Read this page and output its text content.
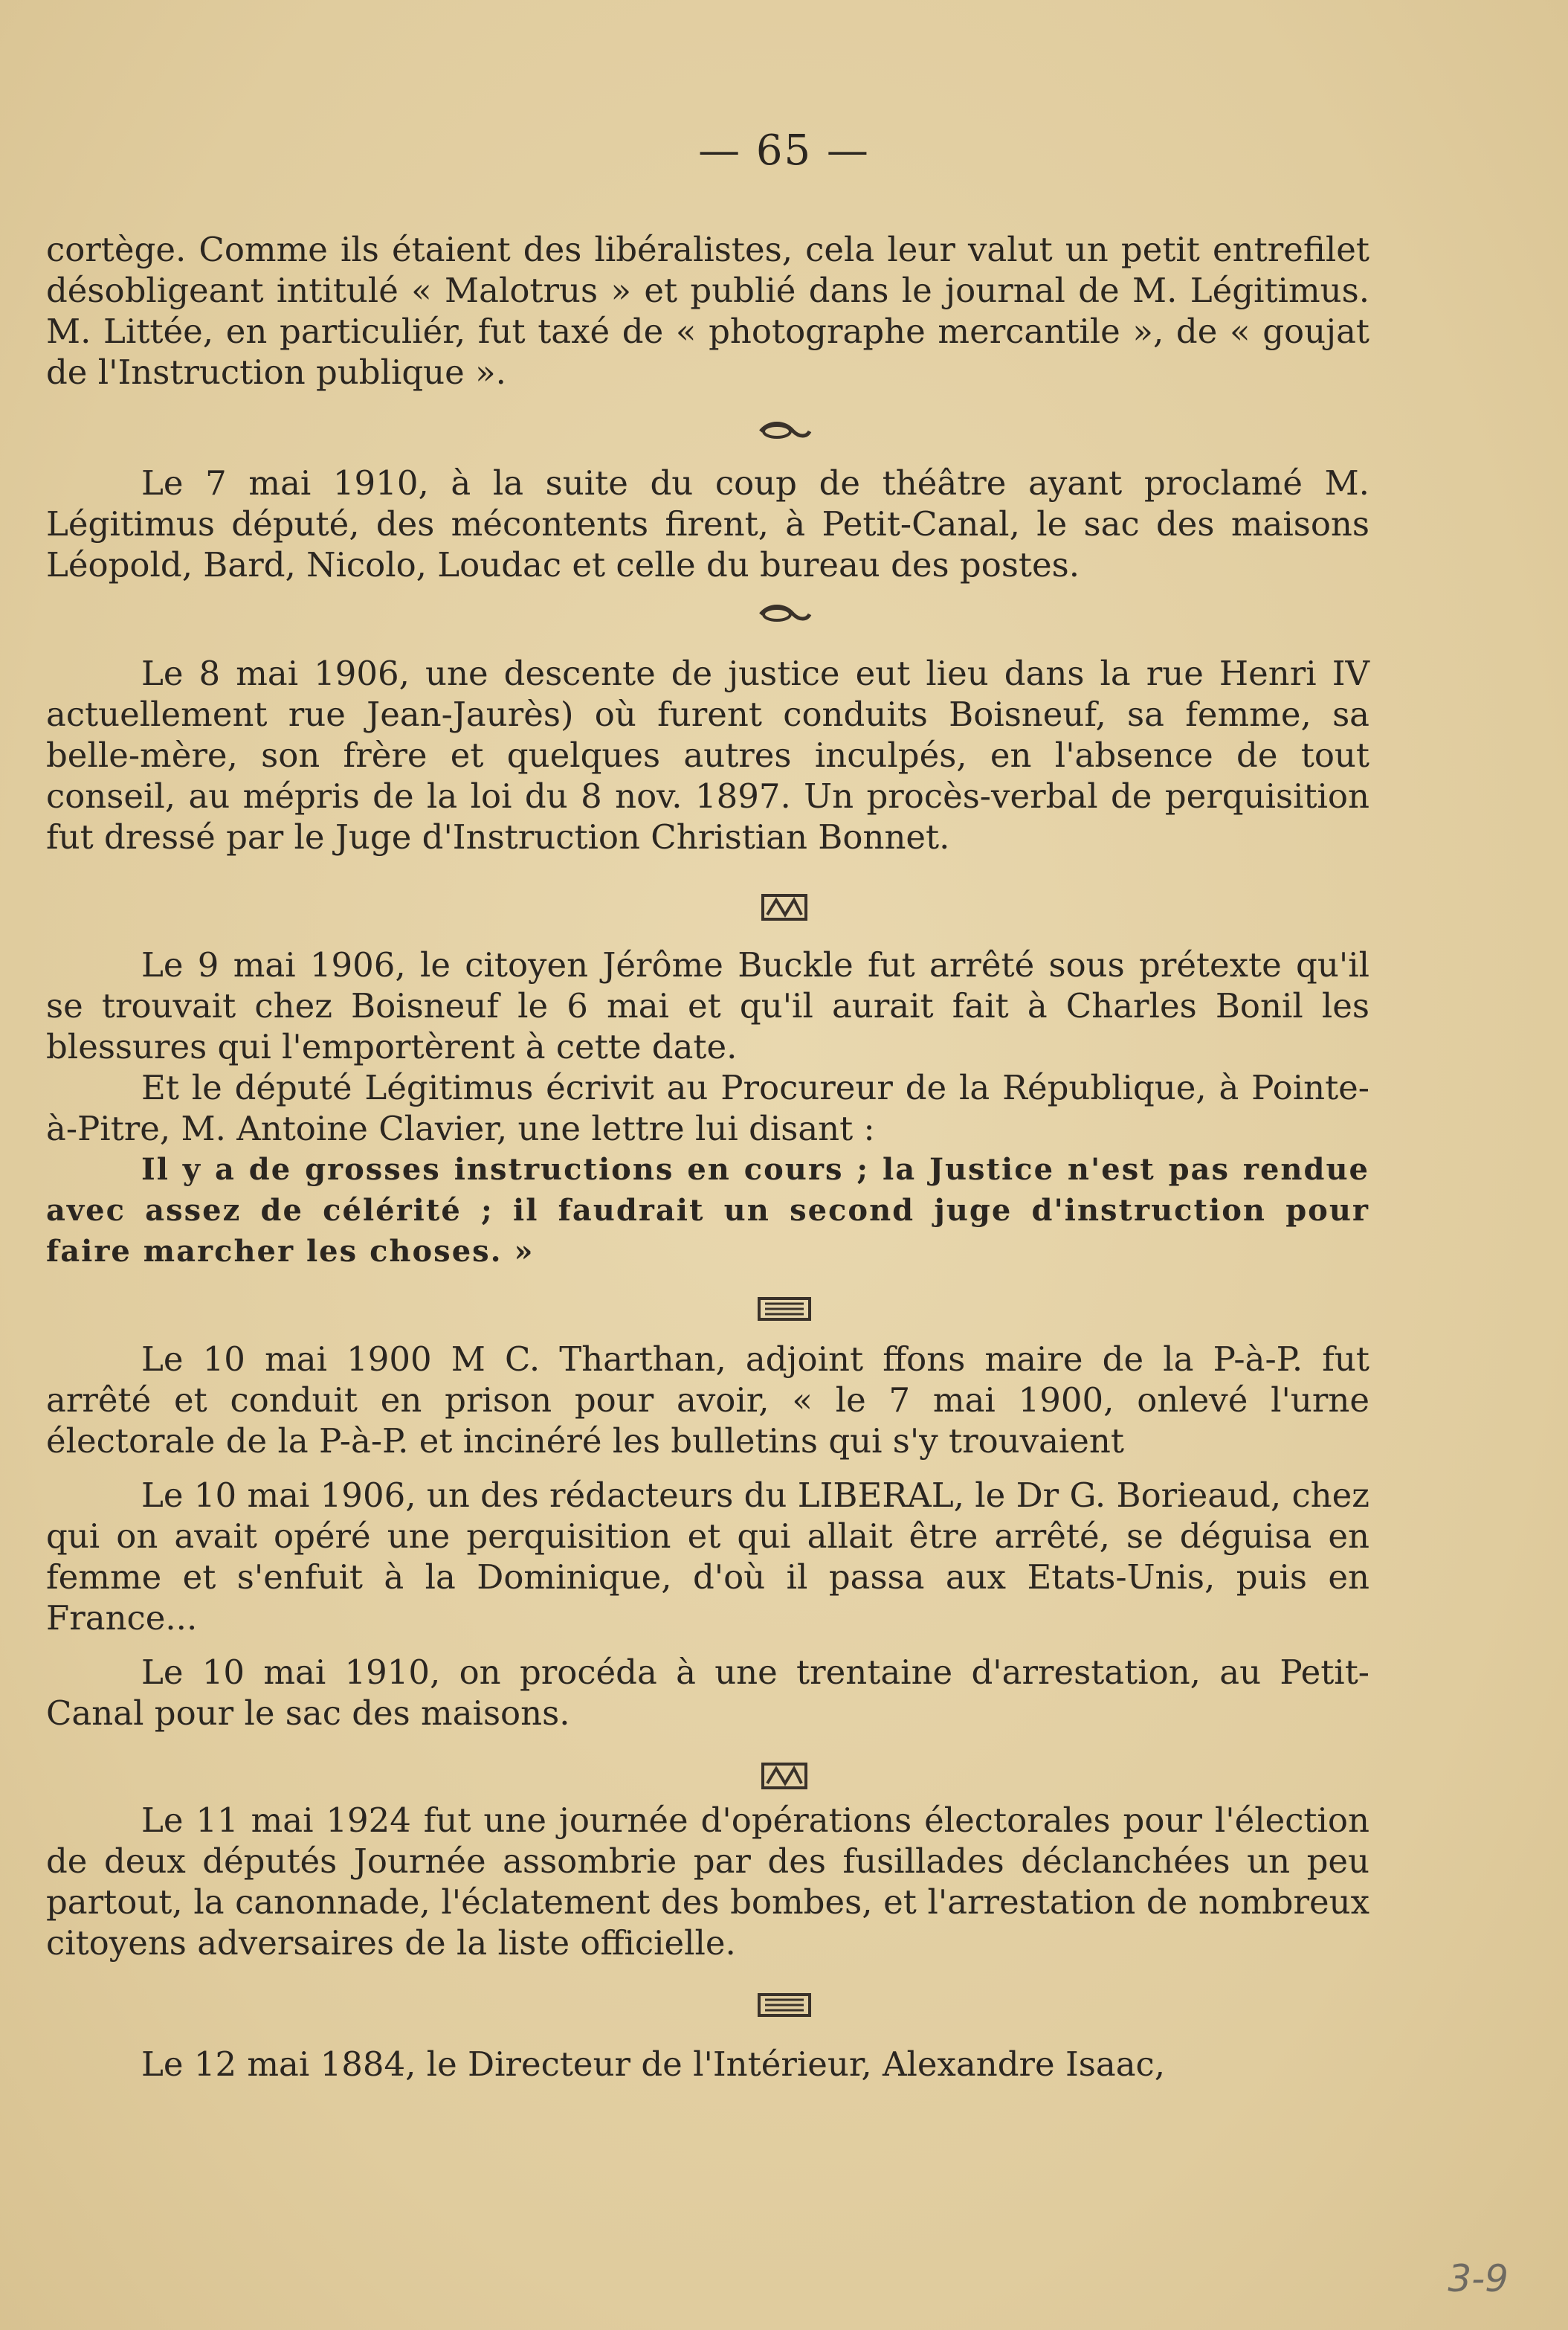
— 65 —

cortège. Comme ils étaient des libéralistes, cela leur valut un petit entrefilet désobligeant intitulé « Malotrus » et publié dans le journal de M. Légitimus. M. Littée, en particuliér, fut taxé de « photographe mercantile », de « goujat de l'Instruction publique ».

Le 7 mai 1910, à la suite du coup de théâtre ayant proclamé M. Légitimus député, des mécontents firent, à Petit-Canal, le sac des maisons Léopold, Bard, Nicolo, Loudac et celle du bureau des postes.

Le 8 mai 1906, une descente de justice eut lieu dans la rue Henri IV actuellement rue Jean-Jaurès) où furent conduits Boisneuf, sa femme, sa belle-mère, son frère et quelques autres inculpés, en l'absence de tout conseil, au mépris de la loi du 8 nov. 1897. Un procès-verbal de perquisition fut dressé par le Juge d'Instruction Christian Bonnet.

Le 9 mai 1906, le citoyen Jérôme Buckle fut arrêté sous prétexte qu'il se trouvait chez Boisneuf le 6 mai et qu'il aurait fait à Charles Bonil les blessures qui l'emportèrent à cette date.

Et le député Légitimus écrivit au Procureur de la République, à Pointe-à-Pitre, M. Antoine Clavier, une lettre lui disant :

Il y a de grosses instructions en cours ; la Justice n'est pas rendue avec assez de célérité ; il faudrait un second juge d'instruction pour faire marcher les choses. »

Le 10 mai 1900 M C. Tharthan, adjoint ffons maire de la P-à-P. fut arrêté et conduit en prison pour avoir, « le 7 mai 1900, onlevé l'urne électorale de la P-à-P. et incinéré les bulletins qui s'y trouvaient

Le 10 mai 1906, un des rédacteurs du LIBERAL, le Dr G. Borieaud, chez qui on avait opéré une perquisition et qui allait être arrêté, se déguisa en femme et s'enfuit à la Dominique, d'où il passa aux Etats-Unis, puis en France...

Le 10 mai 1910, on procéda à une trentaine d'arrestation, au Petit-Canal pour le sac des maisons.

Le 11 mai 1924 fut une journée d'opérations électorales pour l'élection de deux députés Journée assombrie par des fusillades déclanchées un peu partout, la canonnade, l'éclatement des bombes, et l'arrestation de nombreux citoyens adversaires de la liste officielle.

Le 12 mai 1884, le Directeur de l'Intérieur, Alexandre Isaac,

3-9
